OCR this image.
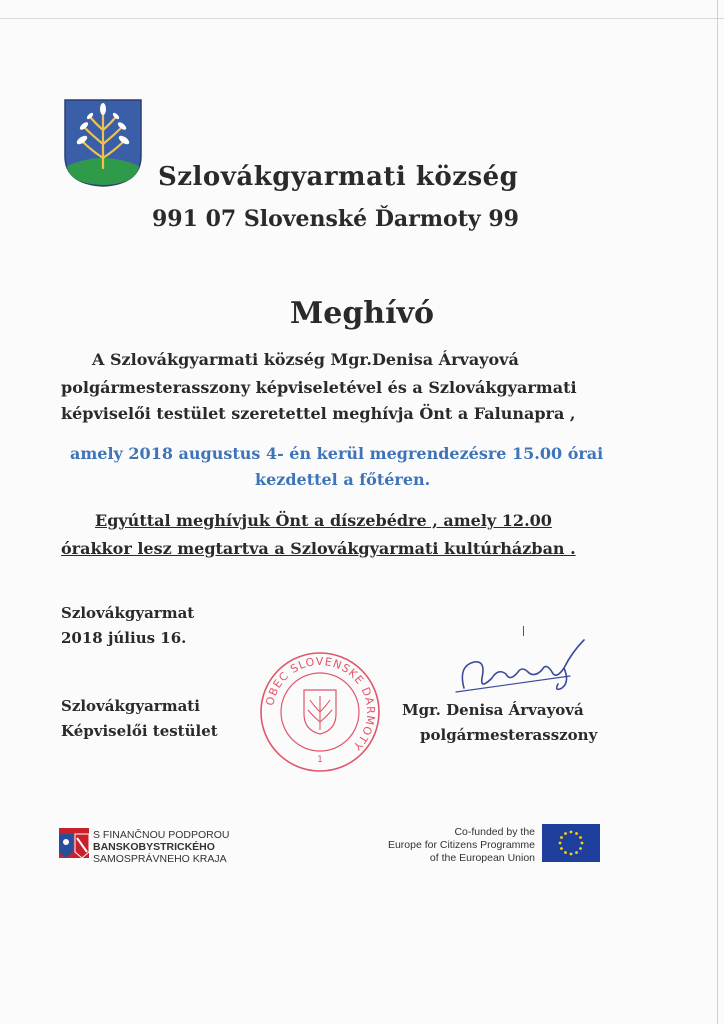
Szlovákgyarmati község
991 07 Slovenské Ďarmoty 99
Meghívó
A Szlovákgyarmati község Mgr.Denisa Árvayová
polgármesterasszony képviseletével és a Szlovákgyarmati
képviselői testület szeretettel meghívja Önt a Falunapra ,
amely 2018 augustus 4- én kerül megrendezésre 15.00 órai
kezdettel a főtéren.
Egyúttal meghívjuk Önt a díszebédre , amely 12.00
órakkor lesz megtartva a Szlovákgyarmati kultúrházban .
Szlovákgyarmat
2018 július 16.
Szlovákgyarmati
Képviselői testület
Mgr. Denisa Árvayová
polgármesterasszony
OBEC SLOVENSKE DARMOTY
1
S FINANČNOU PODPOROU
BANSKOBYSTRICKÉHO
SAMOSPRÁVNEHO KRAJA
Co-funded by the
Europe for Citizens Programme
of the European Union
